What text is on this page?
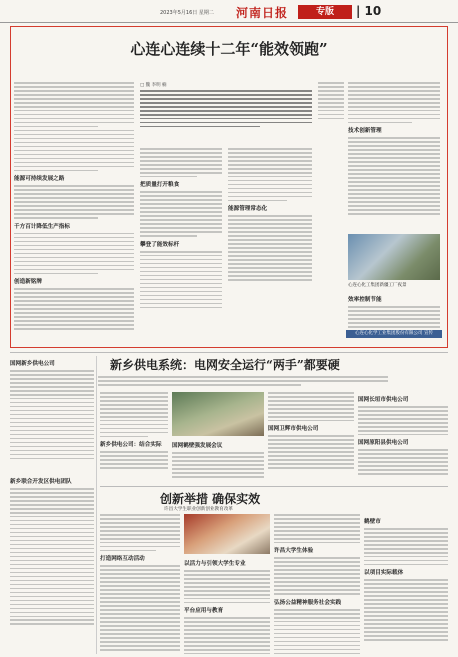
2023年5月16日 星期二 河南日报	专版	| 10
心连心连续十二年“能效领跑”
能源可持续发展之路
千方百计降低生产指标
创造新铭牌
□ 魏 李明 楠
把质量打开粮食
攀登了能效标杆
能源管理常态化
技术创新管理
心连心化工集团新疆工厂夜景
效率控制节能
心连心化学工业集团股份有限公司 宣传
新乡供电系统：电网安全运行“两手”都要硬
国网新乡供电公司
新乡联合开发区供电团队
新乡供电公司：结合实际	国网鹤壁强发展会议
国网卫辉市供电公司
国网长垣市供电公司
国网原阳县供电公司
创新举措 确保实效
许昌大学生职业创新创业教育改革
打造网络互动活动
以活力与引领大学生专业
平台应用与教育
许昌大学生体验
弘扬公益精神服务社会实践
鹤壁市
以项目实际载体
